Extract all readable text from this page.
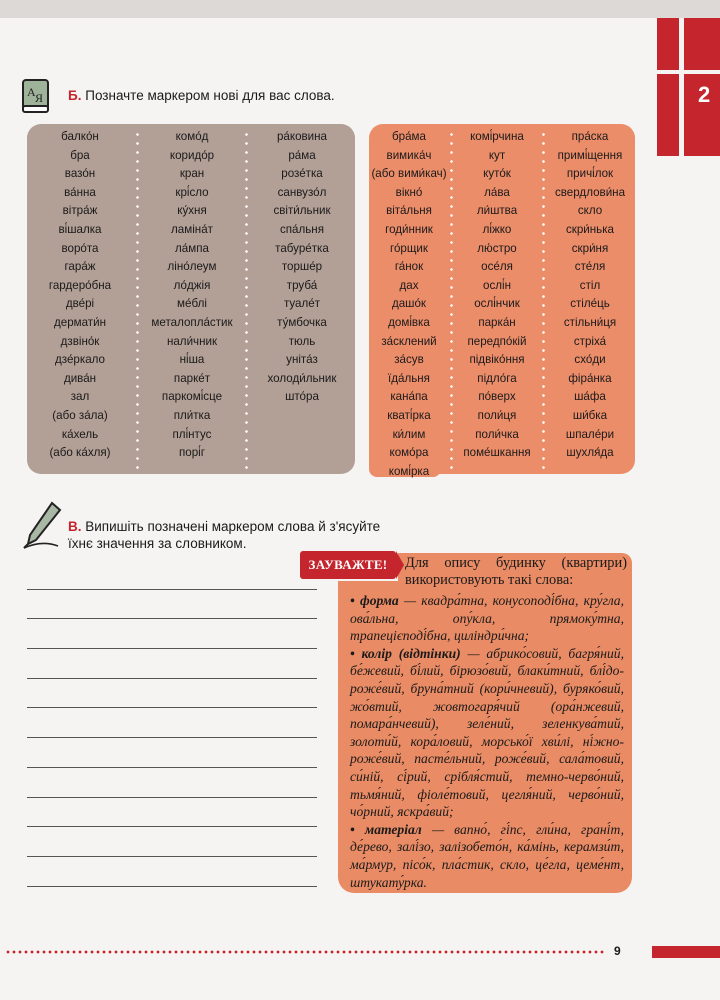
2
А Я Б. Позначте маркером нові для вас слова.
балко́н
бра
вазо́н
ва́нна
вітра́ж
ві́шалка
воро́та
гара́ж
гардеро́бна
две́рі
дермати́н
дзвіно́к
дзе́ркало
дива́н
зал
(або за́ла)
ка́хель
(або ка́хля)
комо́д
коридо́р
кран
крі́сло
ку́хня
ламіна́т
ла́мпа
ліно́леум
ло́джія
ме́блі
металопла́стик
нали́чник
ні́ша
парке́т
паркомі́сце
пли́тка
плі́нтус
порі́г
ра́ковина
ра́ма
розе́тка
санвузо́л
світи́льник
спа́льня
табуре́тка
торше́р
труба́
туале́т
ту́мбочка
тюль
уніта́з
холоди́льник
што́ра
бра́ма
вимика́ч
(або вими́кач)
вікно́
віта́льня
годи́нник
го́рщик
га́нок
дах
дашо́к
домі́вка
за́склений
за́сув
їда́льня
кана́па
кваті́рка
ки́лим
комо́ра
комі́рка
комі́рчина
кут
куто́к
ла́ва
ли́штва
лі́жко
лю́стро
осе́ля
ослі́н
ослі́нчик
парка́н
передпо́кій
підвіко́ння
підло́га
по́верх
поли́ця
поли́чка
поме́шкання
пра́ска
примі́щення
причі́лок
свердлови́на
скло
скри́нька
скри́ня
сте́ля
стіл
стіле́ць
стільни́ця
стріха́
схо́ди
фіра́нка
ша́фа
ши́бка
шпале́ри
шухля́да
В. Випишіть позначені маркером слова й з'ясуйте їхнє значення за словником.
ЗАУВАЖТЕ!	Для опису будинку (квартири) використовують такі слова:
• форма — квадра́тна, конусоподі́бна, кру́гла, ова́льна, опу́кла, прямоку́тна, трапецієподі́бна, циліндри́чна;
• колір (відтінки) — абрико́совий, багря́ний, бе́жевий, бі́лий, бірюзо́вий, блаки́тний, блі́до-роже́вий, бруна́тний (кори́чневий), буряко́вий, жо́втий, жовтогаря́чий (ора́нжевий, помара́нчевий), зеле́ний, зеленкува́тий, золоти́й, кора́ловий, морсько́ї хви́лі, ні́жно-роже́вий, пасте́льний, роже́вий, сала́товий, си́ній, сі́рий, срібля́стий, темно-черво́ний, тьмя́ний, фіоле́товий, цегля́ний, черво́ний, чо́рний, яскра́вий;
• матеріал — вапно́, гі́пс, гли́на, грані́т, де́рево, залі́зо, залізобето́н, ка́мінь, керамзи́т, ма́рмур, пісо́к, пла́стик, скло, це́гла, цеме́нт, штукату́рка.
9
